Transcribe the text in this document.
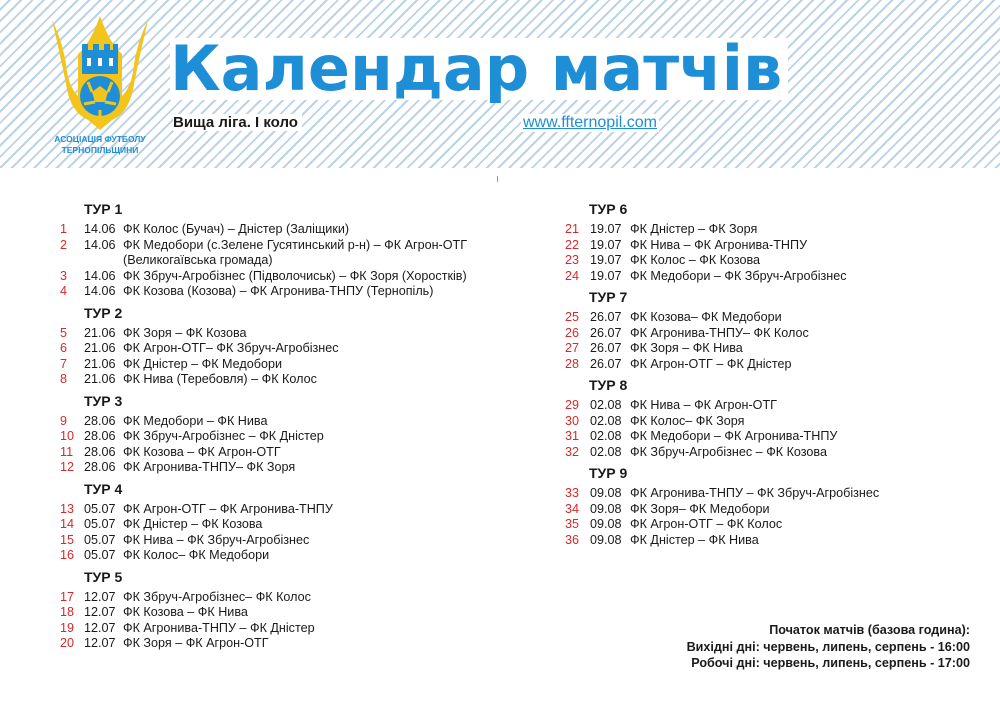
АСОЦІАЦІЯ ФУТБОЛУ
ТЕРНОПІЛЬЩИНИ
Календар матчів
Вища ліга. І коло	www.ffternopil.com
ТУР 1
1	14.06 ФК Колос (Бучач) – Дністер (Заліщики)
2	14.06 ФК Медобори (с.Зелене Гусятинський р-н) – ФК Агрон-ОТГ (Великогаївська громада)
3	14.06 ФК Збруч-Агробізнес (Підволочиськ) – ФК Зоря (Хоростків)
4	14.06 ФК Козова (Козова) – ФК Агронива-ТНПУ (Тернопіль)
ТУР 2
5	21.06 ФК Зоря – ФК Козова
6	21.06 ФК Агрон-ОТГ– ФК Збруч-Агробізнес
7	21.06 ФК Дністер – ФК Медобори
8	21.06 ФК Нива (Теребовля) – ФК Колос
ТУР 3
9	28.06 ФК Медобори – ФК Нива
10 28.06 ФК Збруч-Агробізнес – ФК Дністер
11 28.06 ФК Козова – ФК Агрон-ОТГ
12 28.06 ФК Агронива-ТНПУ– ФК Зоря
ТУР 4
13 05.07 ФК Агрон-ОТГ – ФК Агронива-ТНПУ
14 05.07 ФК Дністер – ФК Козова
15 05.07 ФК Нива – ФК Збруч-Агробізнес
16 05.07 ФК Колос– ФК Медобори
ТУР 5
17 12.07 ФК Збруч-Агробізнес– ФК Колос
18 12.07 ФК Козова – ФК Нива
19 12.07 ФК Агронива-ТНПУ – ФК Дністер
20 12.07 ФК Зоря – ФК Агрон-ОТГ
ТУР 6
21 19.07 ФК Дністер – ФК Зоря
22 19.07 ФК Нива – ФК Агронива-ТНПУ
23 19.07 ФК Колос – ФК Козова
24 19.07 ФК Медобори – ФК Збруч-Агробізнес
ТУР 7
25 26.07 ФК Козова– ФК Медобори
26 26.07 ФК Агронива-ТНПУ– ФК Колос
27 26.07 ФК Зоря – ФК Нива
28 26.07 ФК Агрон-ОТГ – ФК Дністер
ТУР 8
29 02.08 ФК Нива – ФК Агрон-ОТГ
30 02.08 ФК Колос– ФК Зоря
31 02.08 ФК Медобори – ФК Агронива-ТНПУ
32 02.08 ФК Збруч-Агробізнес – ФК Козова
ТУР 9
33 09.08 ФК Агронива-ТНПУ – ФК Збруч-Агробізнес
34 09.08 ФК Зоря– ФК Медобори
35 09.08 ФК Агрон-ОТГ – ФК Колос
36 09.08 ФК Дністер – ФК Нива
Початок матчів (базова година):
Вихідні дні: червень, липень, серпень - 16:00
Робочі дні: червень, липень, серпень - 17:00
